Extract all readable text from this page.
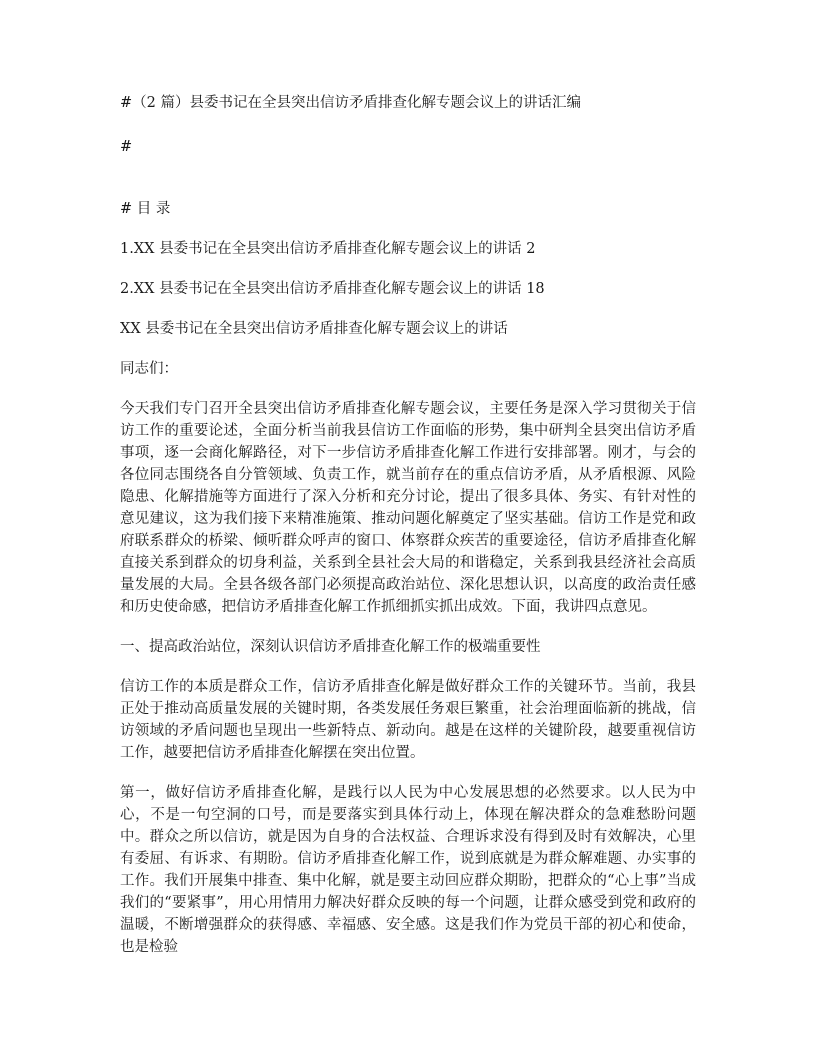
#（2 篇）县委书记在全县突出信访矛盾排查化解专题会议上的讲话汇编

#

# 目 录

1.XX 县委书记在全县突出信访矛盾排查化解专题会议上的讲话 2

2.XX 县委书记在全县突出信访矛盾排查化解专题会议上的讲话 18

XX 县委书记在全县突出信访矛盾排查化解专题会议上的讲话

同志们：

今天我们专门召开全县突出信访矛盾排查化解专题会议，主要任务是深入学习贯彻关于信访工作的重要论述，全面分析当前我县信访工作面临的形势，集中研判全县突出信访矛盾事项，逐一会商化解路径，对下一步信访矛盾排查化解工作进行安排部署。刚才，与会的各位同志围绕各自分管领域、负责工作，就当前存在的重点信访矛盾，从矛盾根源、风险隐患、化解措施等方面进行了深入分析和充分讨论，提出了很多具体、务实、有针对性的意见建议，这为我们接下来精准施策、推动问题化解奠定了坚实基础。信访工作是党和政府联系群众的桥梁、倾听群众呼声的窗口、体察群众疾苦的重要途径，信访矛盾排查化解直接关系到群众的切身利益，关系到全县社会大局的和谐稳定，关系到我县经济社会高质量发展的大局。全县各级各部门必须提高政治站位、深化思想认识，以高度的政治责任感和历史使命感，把信访矛盾排查化解工作抓细抓实抓出成效。下面，我讲四点意见。

一、提高政治站位，深刻认识信访矛盾排查化解工作的极端重要性

信访工作的本质是群众工作，信访矛盾排查化解是做好群众工作的关键环节。当前，我县正处于推动高质量发展的关键时期，各类发展任务艰巨繁重，社会治理面临新的挑战，信访领域的矛盾问题也呈现出一些新特点、新动向。越是在这样的关键阶段，越要重视信访工作，越要把信访矛盾排查化解摆在突出位置。

第一，做好信访矛盾排查化解，是践行以人民为中心发展思想的必然要求。以人民为中心，不是一句空洞的口号，而是要落实到具体行动上，体现在解决群众的急难愁盼问题中。群众之所以信访，就是因为自身的合法权益、合理诉求没有得到及时有效解决，心里有委屈、有诉求、有期盼。信访矛盾排查化解工作，说到底就是为群众解难题、办实事的工作。我们开展集中排查、集中化解，就是要主动回应群众期盼，把群众的“心上事”当成我们的“要紧事”，用心用情用力解决好群众反映的每一个问题，让群众感受到党和政府的温暖，不断增强群众的获得感、幸福感、安全感。这是我们作为党员干部的初心和使命，也是检验
